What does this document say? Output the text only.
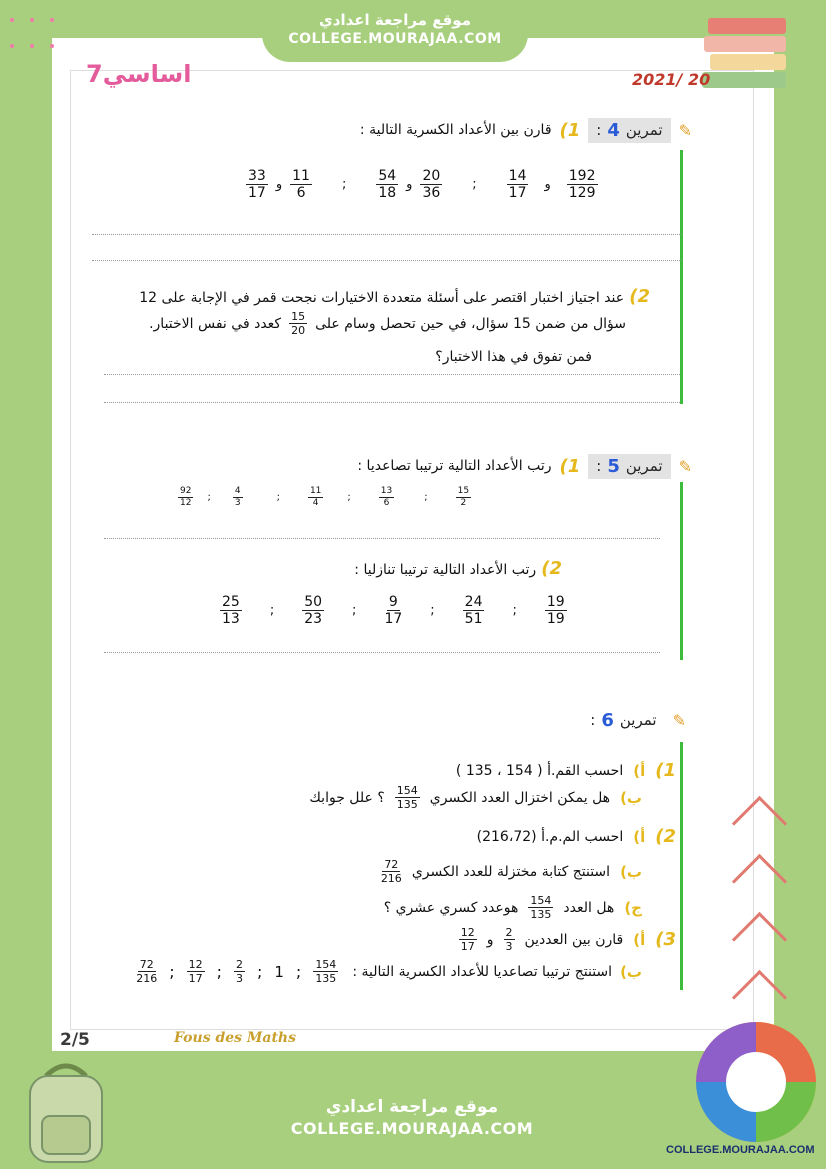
موقع مراجعة اعدادي
COLLEGE.MOURAJAA.COM
7اساسي	2021/ 20
✎
تمرين
4
:
1)
قارن بين الأعداد الكسرية التالية :
$\frac{33}{17}$ و $\frac{11}{6}$ ; $\frac{54}{18}$ و $\frac{20}{36}$ ; $\frac{14}{17}$ و $\frac{192}{129}$
2) عند اجتياز اختبار اقتصر على أسئلة متعددة الاختيارات نجحت قمر في الإجابة على 12
سؤال من ضمن 15 سؤال، في حين تحصل وسام على
$\frac{15}{20}$
كعدد في نفس الاختبار.
فمن تفوق في هذا الاختبار؟
✎
تمرين
5
:
1)
رتب الأعداد التالية ترتيبا تصاعديا :
$\frac{92}{12}$ ; $\frac{4}{3}$	;	$\frac{11}{4}$ ;	$\frac{13}{6}$	;	$\frac{15}{2}$
2) رتب الأعداد التالية ترتيبا تنازليا :
$\frac{25}{13}$ ; $\frac{50}{23}$ ; $\frac{9}{17}$ ; $\frac{24}{51}$ ; $\frac{19}{19}$
✎
تمرين
6
:
1)
أ)
احسب القم.أ ( 154 ، 135 )
ب)
هل يمكن اختزال العدد الكسري
$\frac{154}{135}$
؟ علل جوابك
2)
أ)
احسب الم.م.أ (216،72)
ب)
استنتج كتابة مختزلة للعدد الكسري
$\frac{72}{216}$
ج)
هل العدد
$\frac{154}{135}$
هوعدد كسري عشري ؟
3)
أ)
قارن بين العددين
$\frac{2}{3}$
و
$\frac{12}{17}$
ب)
استنتج ترتيبا تصاعديا للأعداد الكسرية التالية :
$\frac{72}{216}$ ; $\frac{12}{17}$ ; $\frac{2}{3}$ ; 1 ; $\frac{154}{135}$
2/5	Fous des Maths
موقع مراجعة اعدادي
COLLEGE.MOURAJAA.COM
COLLEGE.MOURAJAA.COM
